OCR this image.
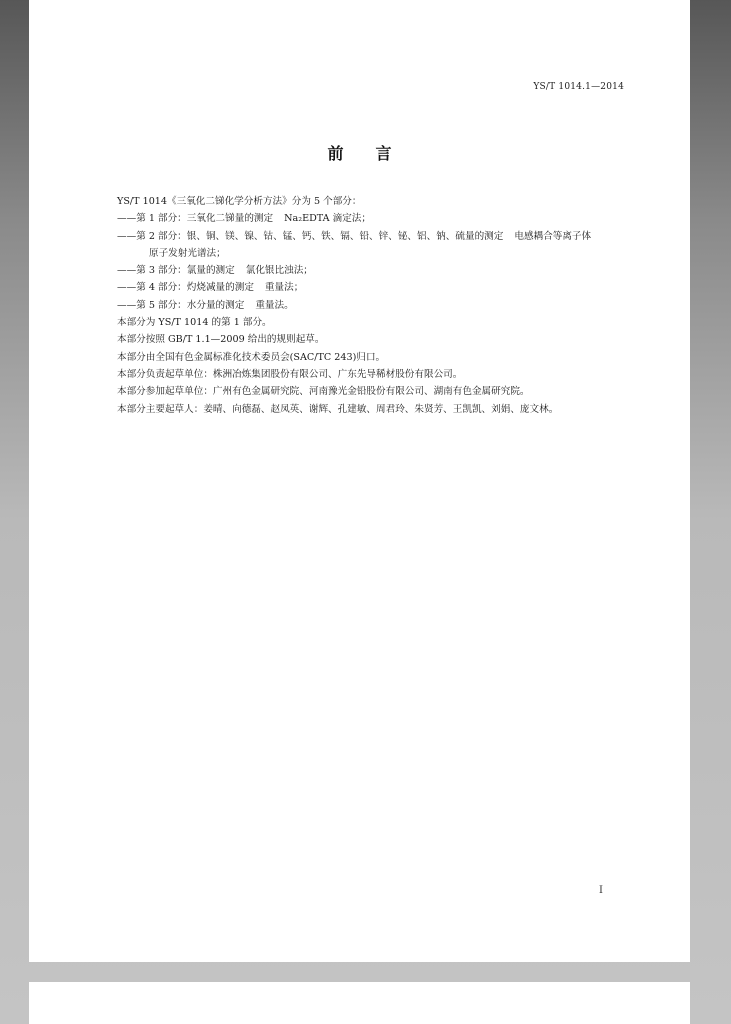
YS/T 1014.1—2014
前言
YS/T 1014《三氧化二锑化学分析方法》分为 5 个部分：
——第 1 部分：三氧化二锑量的测定 Na₂EDTA 滴定法；
——第 2 部分：银、铜、镁、镍、钴、锰、钙、铁、镉、铅、锌、铋、铝、钠、硫量的测定 电感耦合等离子体
原子发射光谱法；
——第 3 部分：氯量的测定 氯化银比浊法；
——第 4 部分：灼烧减量的测定 重量法；
——第 5 部分：水分量的测定 重量法。
本部分为 YS/T 1014 的第 1 部分。
本部分按照 GB/T 1.1—2009 给出的规则起草。
本部分由全国有色金属标准化技术委员会(SAC/TC 243)归口。
本部分负责起草单位：株洲冶炼集团股份有限公司、广东先导稀材股份有限公司。
本部分参加起草单位：广州有色金属研究院、河南豫光金铅股份有限公司、湖南有色金属研究院。
本部分主要起草人：姜晴、向德磊、赵凤英、谢辉、孔建敏、周君玲、朱贤芳、王凯凯、刘娟、庞文林。
I
